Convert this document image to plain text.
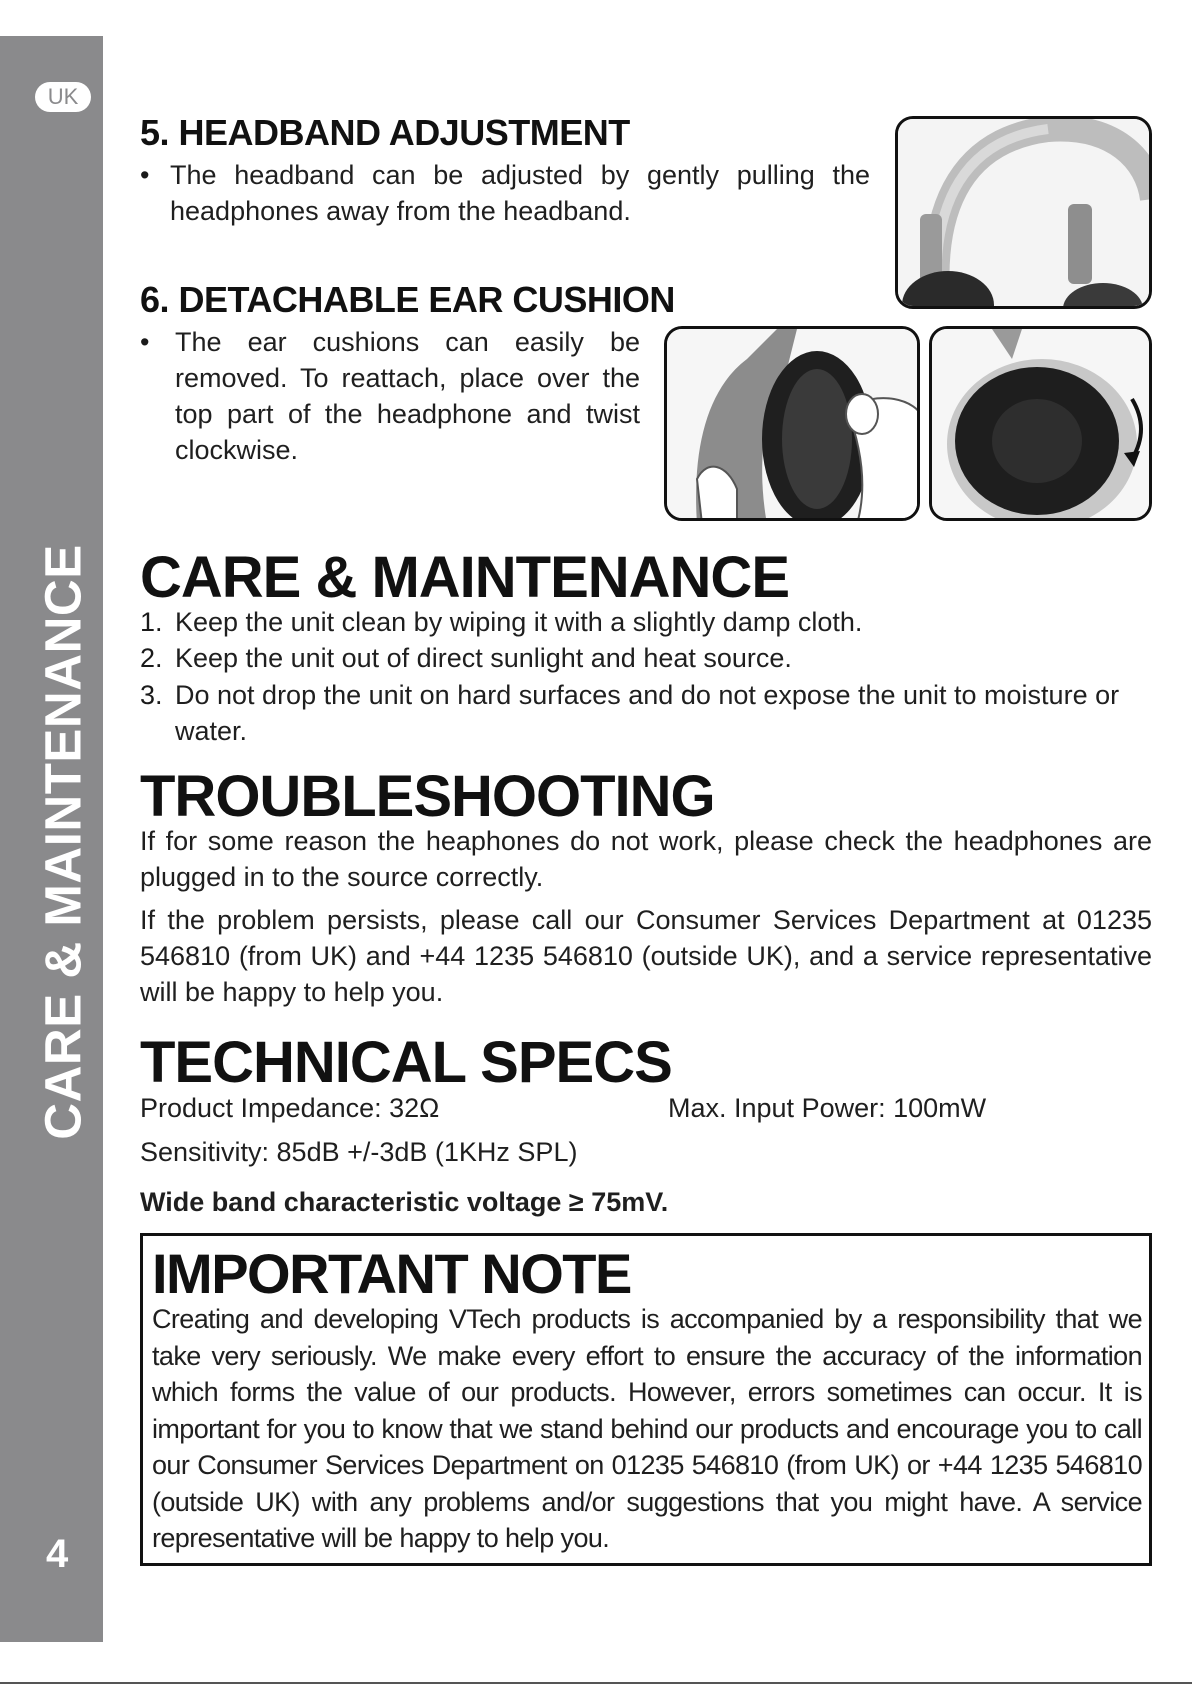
UK
CARE & MAINTENANCE
4
5. HEADBAND ADJUSTMENT
• The headband can be adjusted by gently pulling the headphones away from the headband.
6. DETACHABLE EAR CUSHION
• The ear cushions can easily be removed. To reattach, place over the top part of the headphone and twist clockwise.
CARE & MAINTENANCE
1. Keep the unit clean by wiping it with a slightly damp cloth.
2. Keep the unit out of direct sunlight and heat source.
3. Do not drop the unit on hard surfaces and do not expose the unit to moisture or water.
TROUBLESHOOTING
If for some reason the heaphones do not work, please check the headphones are plugged in to the source correctly.
If the problem persists, please call our Consumer Services Department at 01235 546810 (from UK) and +44 1235 546810 (outside UK), and a service representative will be happy to help you.
TECHNICAL SPECS
Product Impedance: 32Ω	Max. Input Power: 100mW
Sensitivity: 85dB +/-3dB (1KHz SPL)
Wide band characteristic voltage ≥ 75mV.
IMPORTANT NOTE
Creating and developing VTech products is accompanied by a responsibility that we take very seriously. We make every effort to ensure the accuracy of the information which forms the value of our products. However, errors sometimes can occur. It is important for you to know that we stand behind our products and encourage you to call our Consumer Services Department on 01235 546810 (from UK) or +44 1235 546810 (outside UK) with any problems and/or suggestions that you might have. A service representative will be happy to help you.
